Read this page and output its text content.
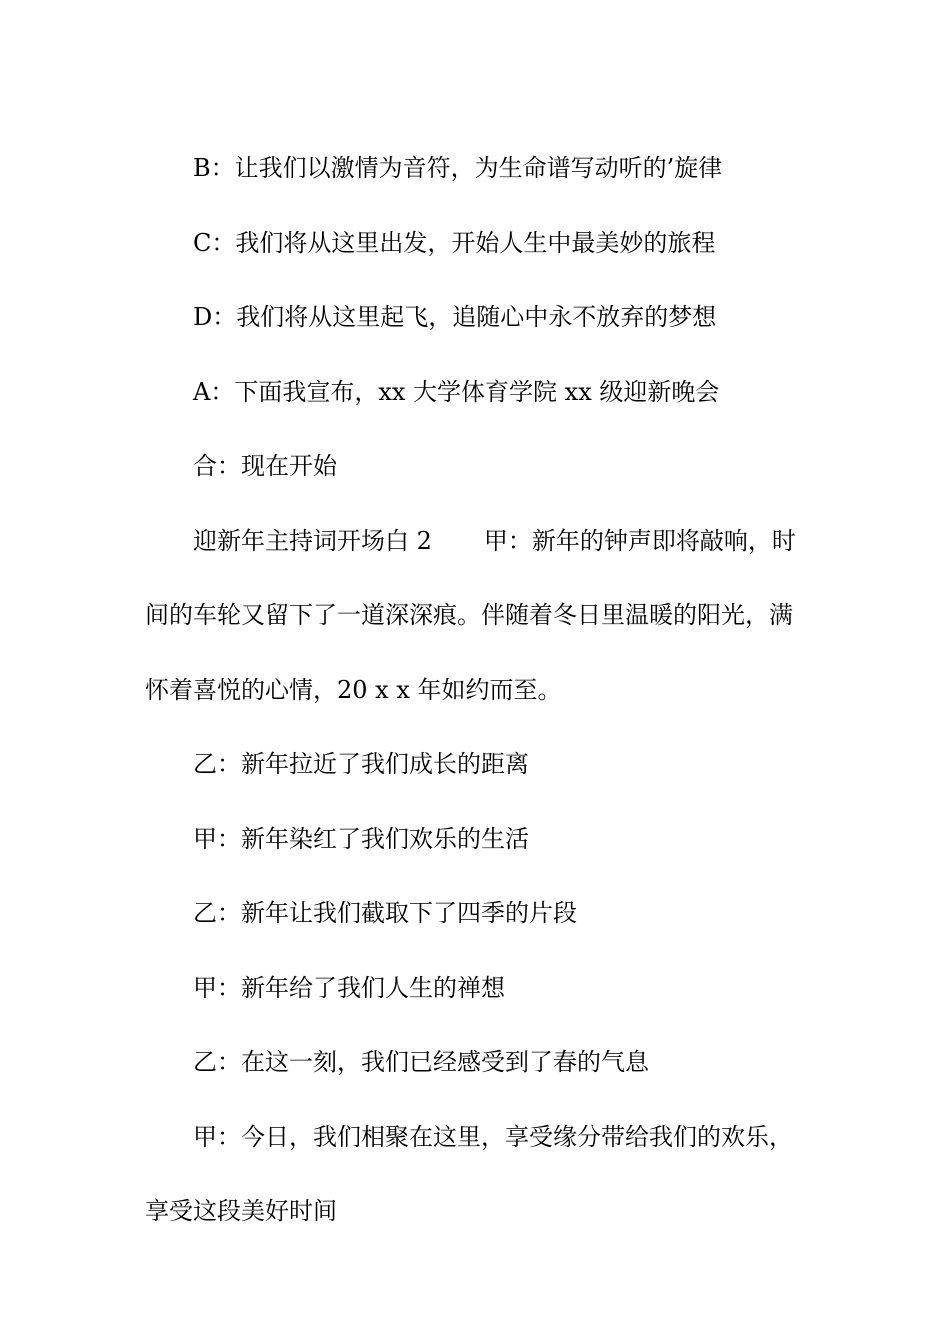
B：让我们以激情为音符，为生命谱写动听的’旋律

C：我们将从这里出发，开始人生中最美妙的旅程

D：我们将从这里起飞，追随心中永不放弃的梦想

A：下面我宣布，xx 大学体育学院 xx 级迎新晚会

合：现在开始

迎新年主持词开场白 2 甲：新年的钟声即将敲响，时间的车轮又留下了一道深深痕。伴随着冬日里温暖的阳光，满怀着喜悦的心情，20 x x 年如约而至。

乙：新年拉近了我们成长的距离

甲：新年染红了我们欢乐的生活

乙：新年让我们截取下了四季的片段

甲：新年给了我们人生的禅想

乙：在这一刻，我们已经感受到了春的气息

甲：今日，我们相聚在这里，享受缘分带给我们的欢乐，享受这段美好时间
